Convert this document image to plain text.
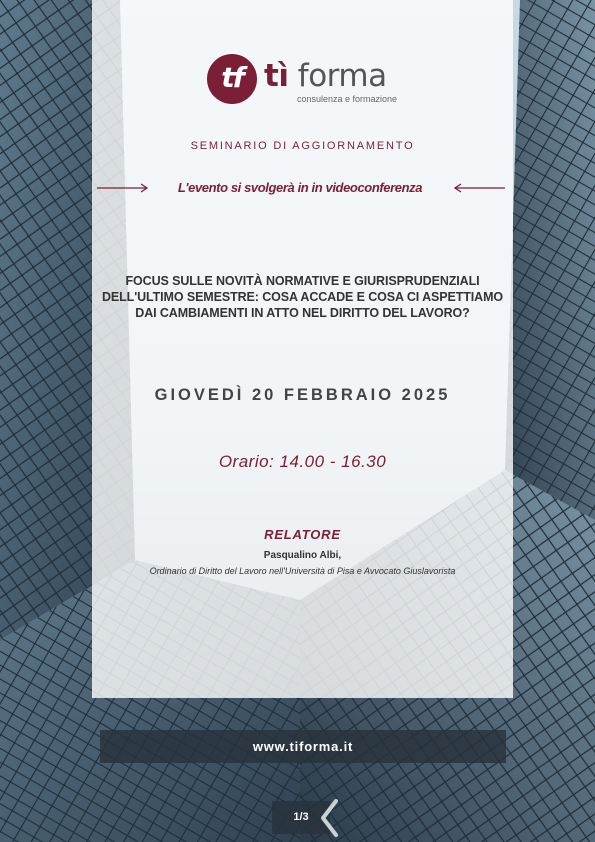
tf tì forma
consulenza e formazione
SEMINARIO DI AGGIORNAMENTO
L'evento si svolgerà in in videoconferenza
FOCUS SULLE NOVITÀ NORMATIVE E GIURISPRUDENZIALI DELL'ULTIMO SEMESTRE: COSA ACCADE E COSA CI ASPETTIAMO DAI CAMBIAMENTI IN ATTO NEL DIRITTO DEL LAVORO?
GIOVEDÌ 20 FEBBRAIO 2025
Orario: 14.00 - 16.30
RELATORE
Pasqualino Albi,
Ordinario di Diritto del Lavoro nell'Università di Pisa e Avvocato Giuslavorista
www.tiforma.it
1/3
